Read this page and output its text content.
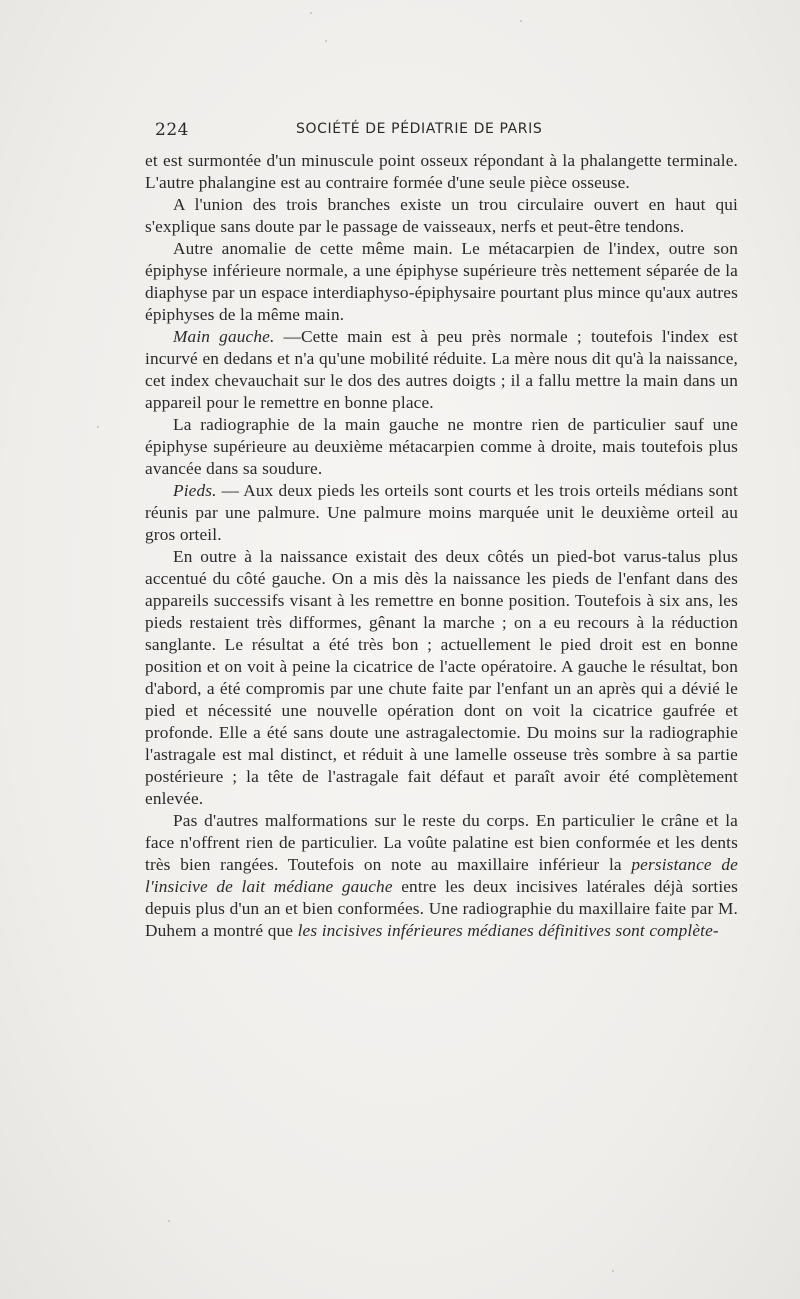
224	SOCIÉTÉ DE PÉDIATRIE DE PARIS

et est surmontée d'un minuscule point osseux répondant à la phalangette terminale. L'autre phalangine est au contraire formée d'une seule pièce osseuse.

A l'union des trois branches existe un trou circulaire ouvert en haut qui s'explique sans doute par le passage de vaisseaux, nerfs et peut-être tendons.

Autre anomalie de cette même main. Le métacarpien de l'index, outre son épiphyse inférieure normale, a une épiphyse supérieure très nettement séparée de la diaphyse par un espace interdiaphyso-épiphysaire pourtant plus mince qu'aux autres épiphyses de la même main.

Main gauche. —Cette main est à peu près normale ; toutefois l'index est incurvé en dedans et n'a qu'une mobilité réduite. La mère nous dit qu'à la naissance, cet index chevauchait sur le dos des autres doigts ; il a fallu mettre la main dans un appareil pour le remettre en bonne place.

La radiographie de la main gauche ne montre rien de particulier sauf une épiphyse supérieure au deuxième métacarpien comme à droite, mais toutefois plus avancée dans sa soudure.

Pieds. — Aux deux pieds les orteils sont courts et les trois orteils médians sont réunis par une palmure. Une palmure moins marquée unit le deuxième orteil au gros orteil.

En outre à la naissance existait des deux côtés un pied-bot varus-talus plus accentué du côté gauche. On a mis dès la naissance les pieds de l'enfant dans des appareils successifs visant à les remettre en bonne position. Toutefois à six ans, les pieds restaient très difformes, gênant la marche ; on a eu recours à la réduction sanglante. Le résultat a été très bon ; actuellement le pied droit est en bonne position et on voit à peine la cicatrice de l'acte opératoire. A gauche le résultat, bon d'abord, a été compromis par une chute faite par l'enfant un an après qui a dévié le pied et nécessité une nouvelle opération dont on voit la cicatrice gaufrée et profonde. Elle a été sans doute une astragalectomie. Du moins sur la radiographie l'astragale est mal distinct, et réduit à une lamelle osseuse très sombre à sa partie postérieure ; la tête de l'astragale fait défaut et paraît avoir été complètement enlevée.

Pas d'autres malformations sur le reste du corps. En particulier le crâne et la face n'offrent rien de particulier. La voûte palatine est bien conformée et les dents très bien rangées. Toutefois on note au maxillaire inférieur la persistance de l'insicive de lait médiane gauche entre les deux incisives latérales déjà sorties depuis plus d'un an et bien conformées. Une radiographie du maxillaire faite par M. Duhem a montré que les incisives inférieures médianes définitives sont complète-
